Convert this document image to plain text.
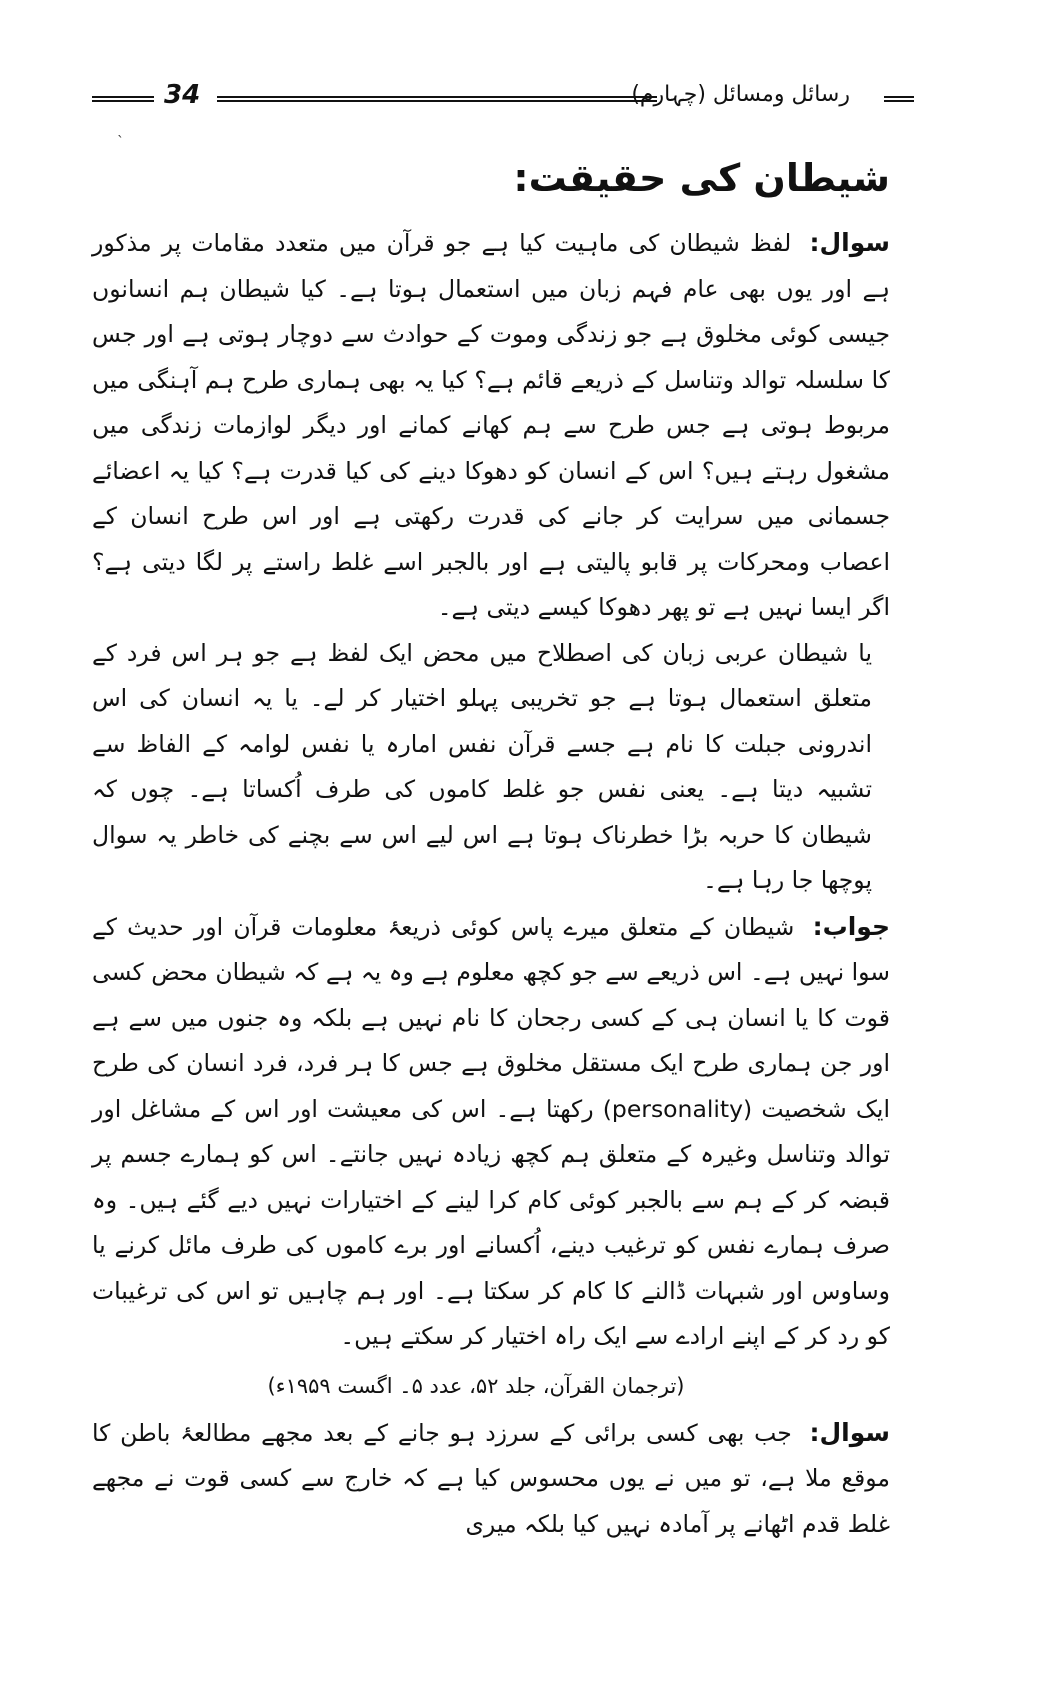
34	رسائل ومسائل (چہارم)
ˎ
شیطان کی حقیقت:

سوال: لفظ شیطان کی ماہیت کیا ہے جو قرآن میں متعدد مقامات پر مذکور ہے اور یوں بھی عام فہم زبان میں استعمال ہوتا ہے۔ کیا شیطان ہم انسانوں جیسی کوئی مخلوق ہے جو زندگی وموت کے حوادث سے دوچار ہوتی ہے اور جس کا سلسلہ توالد وتناسل کے ذریعے قائم ہے؟ کیا یہ بھی ہماری طرح ہم آہنگی میں مربوط ہوتی ہے جس طرح سے ہم کھانے کمانے اور دیگر لوازمات زندگی میں مشغول رہتے ہیں؟ اس کے انسان کو دھوکا دینے کی کیا قدرت ہے؟ کیا یہ اعضائے جسمانی میں سرایت کر جانے کی قدرت رکھتی ہے اور اس طرح انسان کے اعصاب ومحرکات پر قابو پالیتی ہے اور بالجبر اسے غلط راستے پر لگا دیتی ہے؟ اگر ایسا نہیں ہے تو پھر دھوکا کیسے دیتی ہے۔

یا شیطان عربی زبان کی اصطلاح میں محض ایک لفظ ہے جو ہر اس فرد کے متعلق استعمال ہوتا ہے جو تخریبی پہلو اختیار کر لے۔ یا یہ انسان کی اس اندرونی جبلت کا نام ہے جسے قرآن نفس امارہ یا نفس لوامہ کے الفاظ سے تشبیہ دیتا ہے۔ یعنی نفس جو غلط کاموں کی طرف اُکساتا ہے۔ چوں کہ شیطان کا حربہ بڑا خطرناک ہوتا ہے اس لیے اس سے بچنے کی خاطر یہ سوال پوچھا جا رہا ہے۔

جواب: شیطان کے متعلق میرے پاس کوئی ذریعۂ معلومات قرآن اور حدیث کے سوا نہیں ہے۔ اس ذریعے سے جو کچھ معلوم ہے وہ یہ ہے کہ شیطان محض کسی قوت کا یا انسان ہی کے کسی رجحان کا نام نہیں ہے بلکہ وہ جنوں میں سے ہے اور جن ہماری طرح ایک مستقل مخلوق ہے جس کا ہر فرد، فرد انسان کی طرح ایک شخصیت (personality) رکھتا ہے۔ اس کی معیشت اور اس کے مشاغل اور توالد وتناسل وغیرہ کے متعلق ہم کچھ زیادہ نہیں جانتے۔ اس کو ہمارے جسم پر قبضہ کر کے ہم سے بالجبر کوئی کام کرا لینے کے اختیارات نہیں دیے گئے ہیں۔ وہ صرف ہمارے نفس کو ترغیب دینے، اُکسانے اور برے کاموں کی طرف مائل کرنے یا وساوس اور شبہات ڈالنے کا کام کر سکتا ہے۔ اور ہم چاہیں تو اس کی ترغیبات کو رد کر کے اپنے ارادے سے ایک راہ اختیار کر سکتے ہیں۔

(ترجمان القرآن، جلد ۵۲، عدد ۵۔ اگست ۱۹۵۹ء)

سوال: جب بھی کسی برائی کے سرزد ہو جانے کے بعد مجھے مطالعۂ باطن کا موقع ملا ہے، تو میں نے یوں محسوس کیا ہے کہ خارج سے کسی قوت نے مجھے غلط قدم اٹھانے پر آمادہ نہیں کیا بلکہ میری
